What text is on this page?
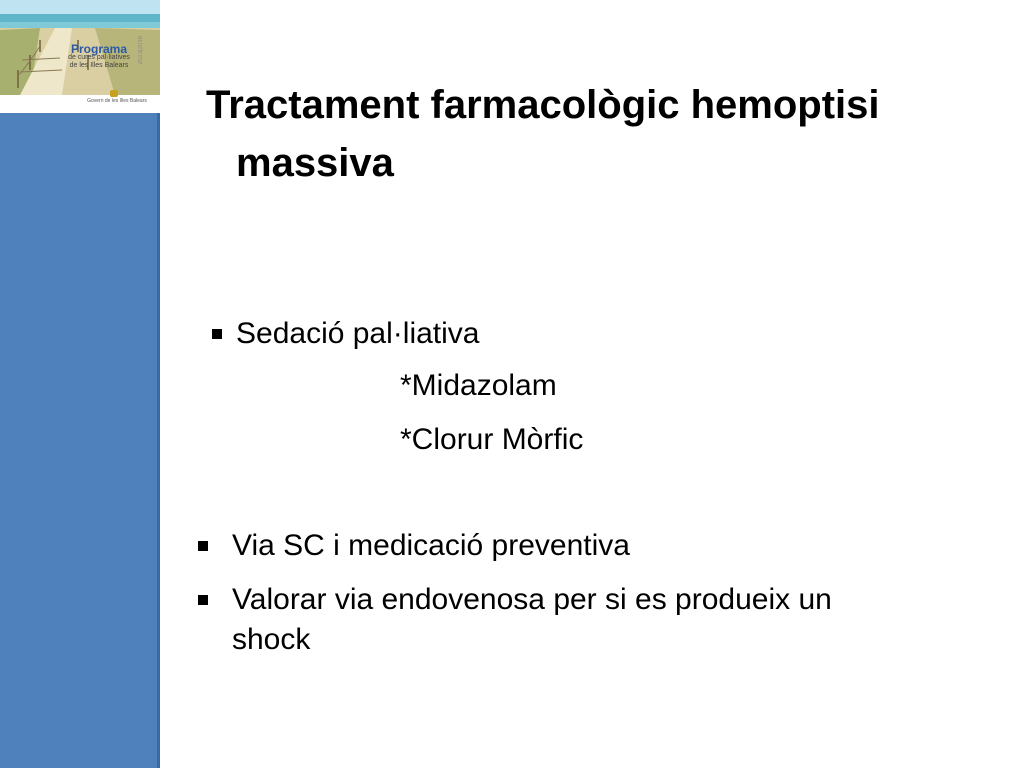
Programa
de cures pal·liatives
de les Illes Balears
2013|2016
Govern de les Illes Balears Tractament farmacològic hemoptisi
massiva
Sedació pal·liativa
*Midazolam
*Clorur Mòrfic
Via SC i medicació preventiva
Valorar via endovenosa per si es produeix un
shock
